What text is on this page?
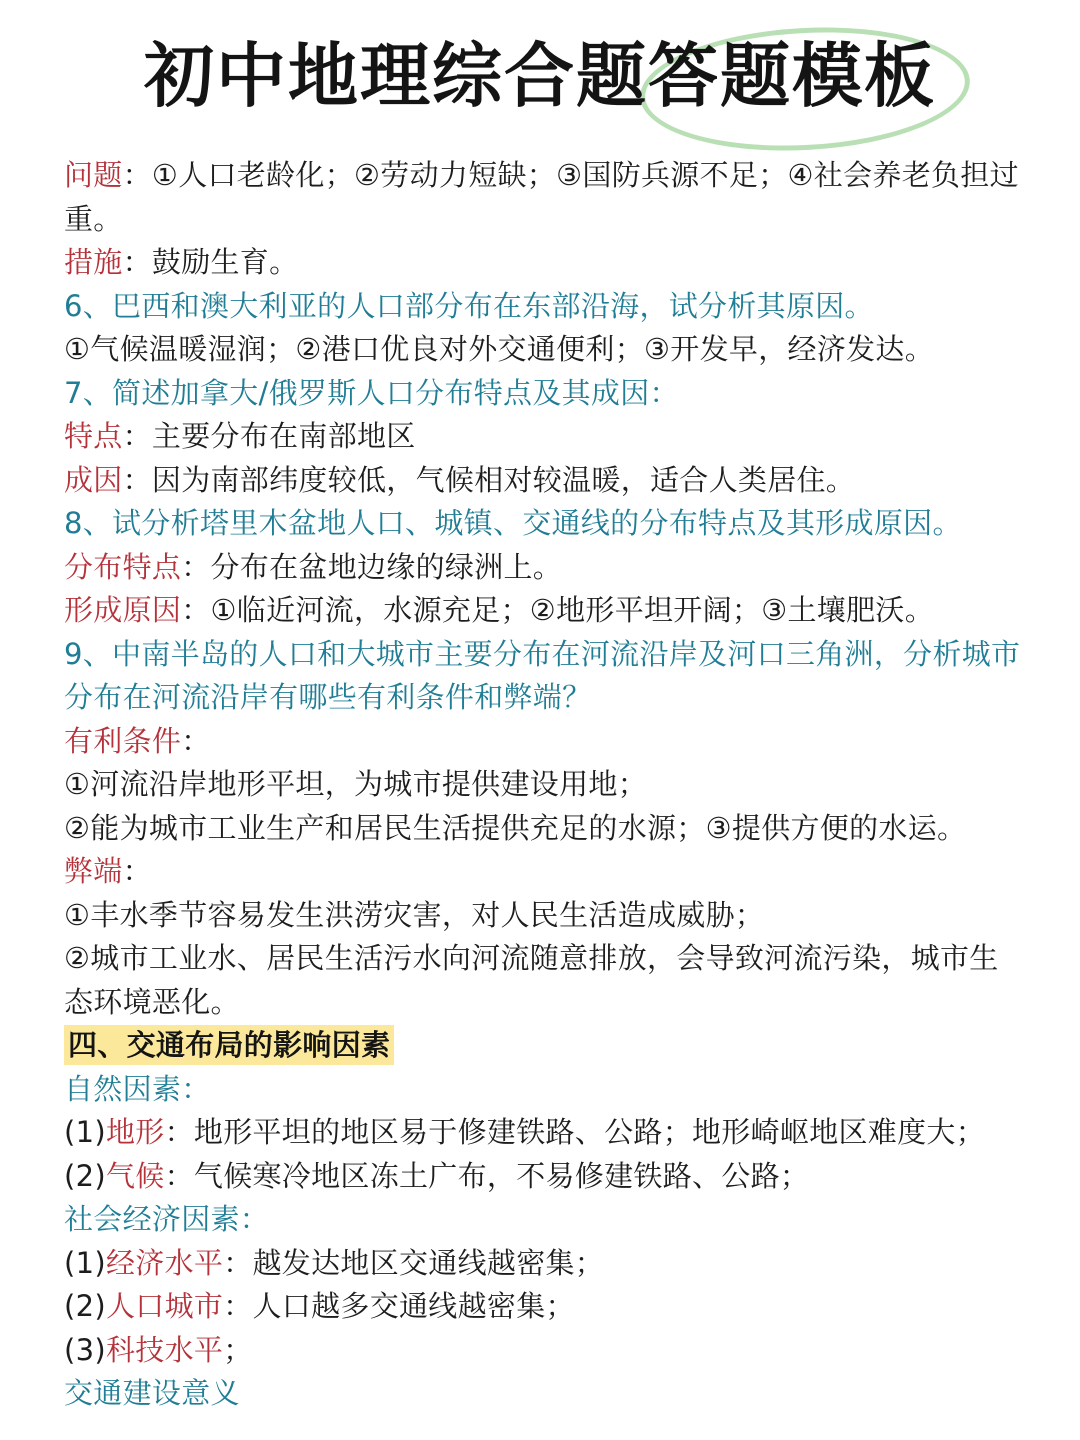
初中地理综合题答题模板

问题：①人口老龄化；②劳动力短缺；③国防兵源不足；④社会养老负担过重。

措施：鼓励生育。

6、巴西和澳大利亚的人口部分布在东部沿海，试分析其原因。

①气候温暖湿润；②港口优良对外交通便利；③开发早，经济发达。

7、简述加拿大/俄罗斯人口分布特点及其成因：

特点：主要分布在南部地区

成因：因为南部纬度较低，气候相对较温暖，适合人类居住。

8、试分析塔里木盆地人口、城镇、交通线的分布特点及其形成原因。

分布特点：分布在盆地边缘的绿洲上。

形成原因：①临近河流，水源充足；②地形平坦开阔；③土壤肥沃。

9、中南半岛的人口和大城市主要分布在河流沿岸及河口三角洲，分析城市分布在河流沿岸有哪些有利条件和弊端？

有利条件：

①河流沿岸地形平坦，为城市提供建设用地；

②能为城市工业生产和居民生活提供充足的水源；③提供方便的水运。

弊端：

①丰水季节容易发生洪涝灾害，对人民生活造成威胁；

②城市工业水、居民生活污水向河流随意排放，会导致河流污染，城市生态环境恶化。

四、交通布局的影响因素

自然因素：

(1)地形：地形平坦的地区易于修建铁路、公路；地形崎岖地区难度大；

(2)气候：气候寒冷地区冻土广布，不易修建铁路、公路；

社会经济因素：

(1)经济水平：越发达地区交通线越密集；

(2)人口城市：人口越多交通线越密集；

(3)科技水平；

交通建设意义
